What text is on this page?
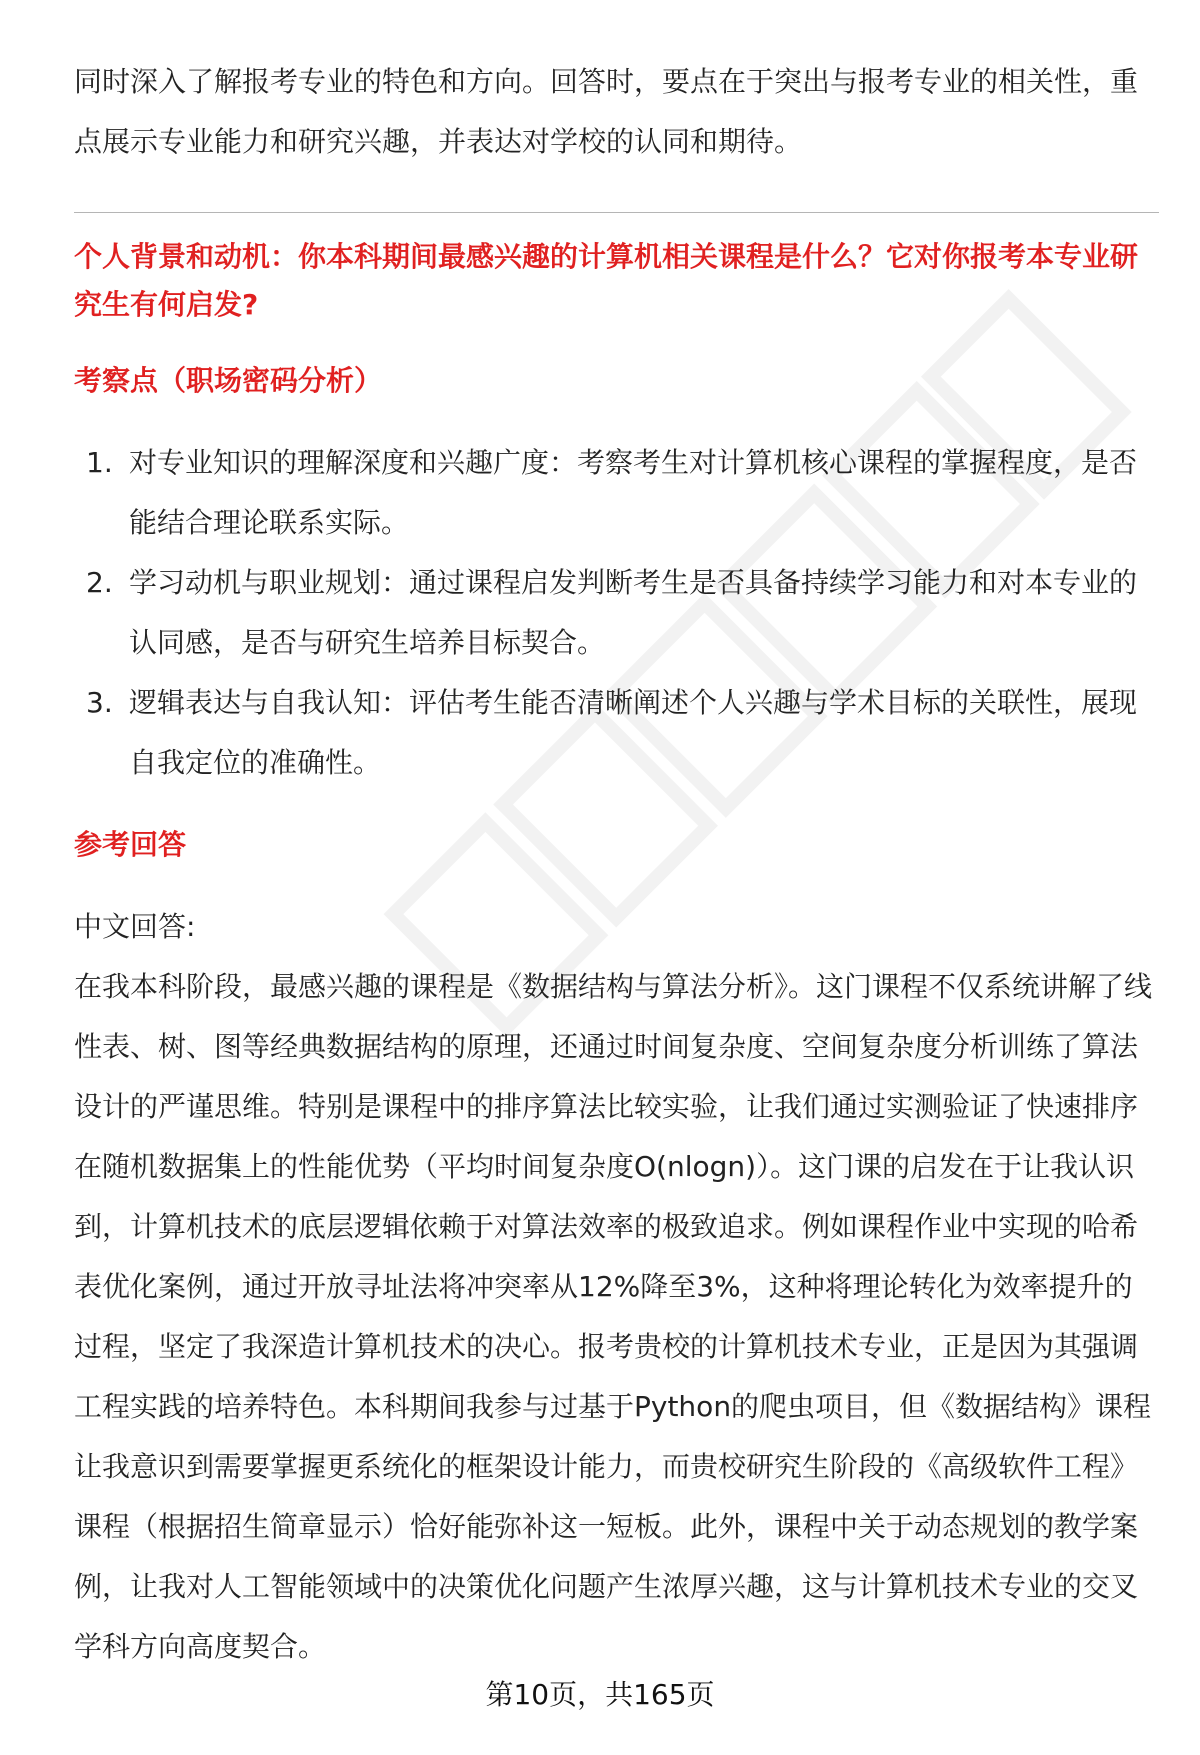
同时深入了解报考专业的特色和方向。回答时，要点在于突出与报考专业的相关性，重点展示专业能力和研究兴趣，并表达对学校的认同和期待。

个人背景和动机：你本科期间最感兴趣的计算机相关课程是什么？它对你报考本专业研究生有何启发?

考察点（职场密码分析）
1. 对专业知识的理解深度和兴趣广度：考察考生对计算机核心课程的掌握程度，是否能结合理论联系实际。
2. 学习动机与职业规划：通过课程启发判断考生是否具备持续学习能力和对本专业的认同感，是否与研究生培养目标契合。
3. 逻辑表达与自我认知：评估考生能否清晰阐述个人兴趣与学术目标的关联性，展现自我定位的准确性。
参考回答

中文回答:

在我本科阶段，最感兴趣的课程是《数据结构与算法分析》。这门课程不仅系统讲解了线性表、树、图等经典数据结构的原理，还通过时间复杂度、空间复杂度分析训练了算法设计的严谨思维。特别是课程中的排序算法比较实验，让我们通过实测验证了快速排序在随机数据集上的性能优势（平均时间复杂度O(nlogn)）。这门课的启发在于让我认识到，计算机技术的底层逻辑依赖于对算法效率的极致追求。例如课程作业中实现的哈希表优化案例，通过开放寻址法将冲突率从12%降至3%，这种将理论转化为效率提升的过程，坚定了我深造计算机技术的决心。报考贵校的计算机技术专业，正是因为其强调工程实践的培养特色。本科期间我参与过基于Python的爬虫项目，但《数据结构》课程让我意识到需要掌握更系统化的框架设计能力，而贵校研究生阶段的《高级软件工程》课程（根据招生简章显示）恰好能弥补这一短板。此外，课程中关于动态规划的教学案例，让我对人工智能领域中的决策优化问题产生浓厚兴趣，这与计算机技术专业的交叉学科方向高度契合。

第10页，共165页
